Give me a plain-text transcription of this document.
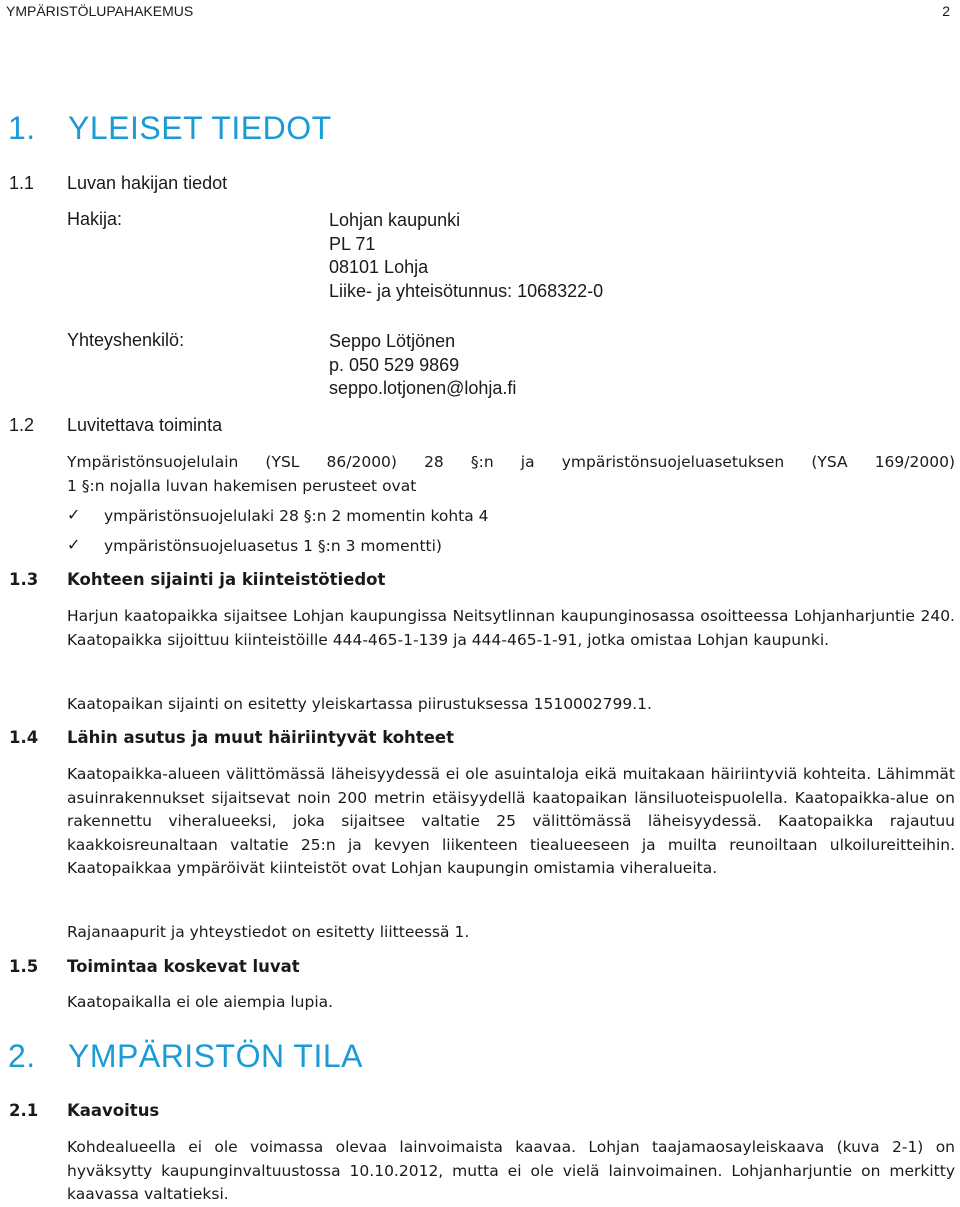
YMPÄRISTÖLUPAHAKEMUS	2
1. YLEISET TIEDOT
1.1 Luvan hakijan tiedot
Hakija:	Lohjan kaupunki
PL 71
08101 Lohja
Liike- ja yhteisötunnus: 1068322-0
Yhteyshenkilö:	Seppo Lötjönen
p. 050 529 9869
seppo.lotjonen@lohja.fi
1.2 Luvitettava toiminta
Ympäristönsuojelulain (YSL 86/2000) 28 §:n ja ympäristönsuojeluasetuksen (YSA 169/2000)
1 §:n nojalla luvan hakemisen perusteet ovat
✓ ympäristönsuojelulaki 28 §:n 2 momentin kohta 4
✓ ympäristönsuojeluasetus 1 §:n 3 momentti)
1.3 Kohteen sijainti ja kiinteistötiedot
Harjun kaatopaikka sijaitsee Lohjan kaupungissa Neitsytlinnan kaupunginosassa osoitteessa Lohjanharjuntie 240. Kaatopaikka sijoittuu kiinteistöille 444-465-1-139 ja 444-465-1-91, jotka omistaa Lohjan kaupunki.
Kaatopaikan sijainti on esitetty yleiskartassa piirustuksessa 1510002799.1.
1.4 Lähin asutus ja muut häiriintyvät kohteet
Kaatopaikka-alueen välittömässä läheisyydessä ei ole asuintaloja eikä muitakaan häiriintyviä kohteita. Lähimmät asuinrakennukset sijaitsevat noin 200 metrin etäisyydellä kaatopaikan länsiluoteispuolella. Kaatopaikka-alue on rakennettu viheralueeksi, joka sijaitsee valtatie 25 välittömässä läheisyydessä. Kaatopaikka rajautuu kaakkoisreunaltaan valtatie 25:n ja kevyen liikenteen tiealueeseen ja muilta reunoiltaan ulkoilureitteihin. Kaatopaikkaa ympäröivät kiinteistöt ovat Lohjan kaupungin omistamia viheralueita.
Rajanaapurit ja yhteystiedot on esitetty liitteessä 1.
1.5 Toimintaa koskevat luvat
Kaatopaikalla ei ole aiempia lupia.
2. YMPÄRISTÖN TILA
2.1 Kaavoitus
Kohdealueella ei ole voimassa olevaa lainvoimaista kaavaa. Lohjan taajamaosayleiskaava (kuva 2-1) on hyväksytty kaupunginvaltuustossa 10.10.2012, mutta ei ole vielä lainvoimainen. Lohjanharjuntie on merkitty kaavassa valtatieksi.
